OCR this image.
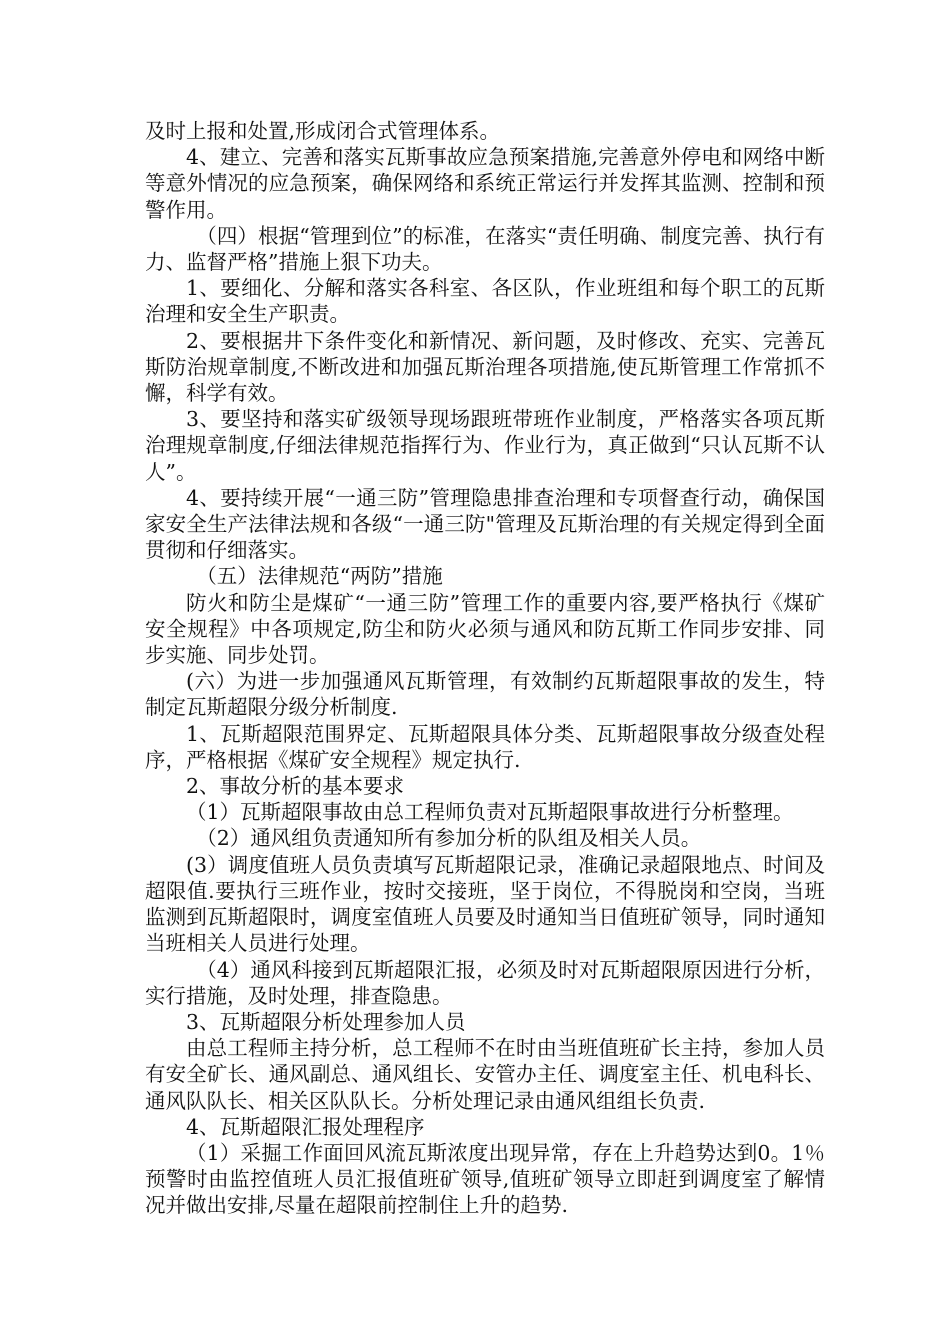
及时上报和处置,形成闭合式管理体系。

4、建立、完善和落实瓦斯事故应急预案措施,完善意外停电和网络中断等意外情况的应急预案，确保网络和系统正常运行并发挥其监测、控制和预警作用。

（四）根据“管理到位”的标准，在落实“责任明确、制度完善、执行有力、监督严格”措施上狠下功夫。

1、要细化、分解和落实各科室、各区队，作业班组和每个职工的瓦斯治理和安全生产职责。

2、要根据井下条件变化和新情况、新问题，及时修改、充实、完善瓦斯防治规章制度,不断改进和加强瓦斯治理各项措施,使瓦斯管理工作常抓不懈，科学有效。

3、要坚持和落实矿级领导现场跟班带班作业制度，严格落实各项瓦斯治理规章制度,仔细法律规范指挥行为、作业行为，真正做到“只认瓦斯不认人”。

4、要持续开展“一通三防”管理隐患排查治理和专项督查行动，确保国家安全生产法律法规和各级“一通三防"管理及瓦斯治理的有关规定得到全面贯彻和仔细落实。

（五）法律规范“两防”措施

防火和防尘是煤矿“一通三防”管理工作的重要内容,要严格执行《煤矿安全规程》中各项规定,防尘和防火必须与通风和防瓦斯工作同步安排、同步实施、同步处罚。

(六）为进一步加强通风瓦斯管理，有效制约瓦斯超限事故的发生，特制定瓦斯超限分级分析制度.

1、瓦斯超限范围界定、瓦斯超限具体分类、瓦斯超限事故分级查处程序，严格根据《煤矿安全规程》规定执行.

2、事故分析的基本要求

（1）瓦斯超限事故由总工程师负责对瓦斯超限事故进行分析整理。

（2）通风组负责通知所有参加分析的队组及相关人员。

(3）调度值班人员负责填写瓦斯超限记录，准确记录超限地点、时间及超限值.要执行三班作业，按时交接班，坚于岗位，不得脱岗和空岗，当班监测到瓦斯超限时，调度室值班人员要及时通知当日值班矿领导，同时通知当班相关人员进行处理。

（4）通风科接到瓦斯超限汇报，必须及时对瓦斯超限原因进行分析，实行措施，及时处理，排查隐患。

3、瓦斯超限分析处理参加人员

由总工程师主持分析，总工程师不在时由当班值班矿长主持，参加人员有安全矿长、通风副总、通风组长、安管办主任、调度室主任、机电科长、通风队队长、相关区队队长。分析处理记录由通风组组长负责.

4、瓦斯超限汇报处理程序

（1）采掘工作面回风流瓦斯浓度出现异常，存在上升趋势达到0。1％预警时由监控值班人员汇报值班矿领导,值班矿领导立即赶到调度室了解情况并做出安排,尽量在超限前控制住上升的趋势.
